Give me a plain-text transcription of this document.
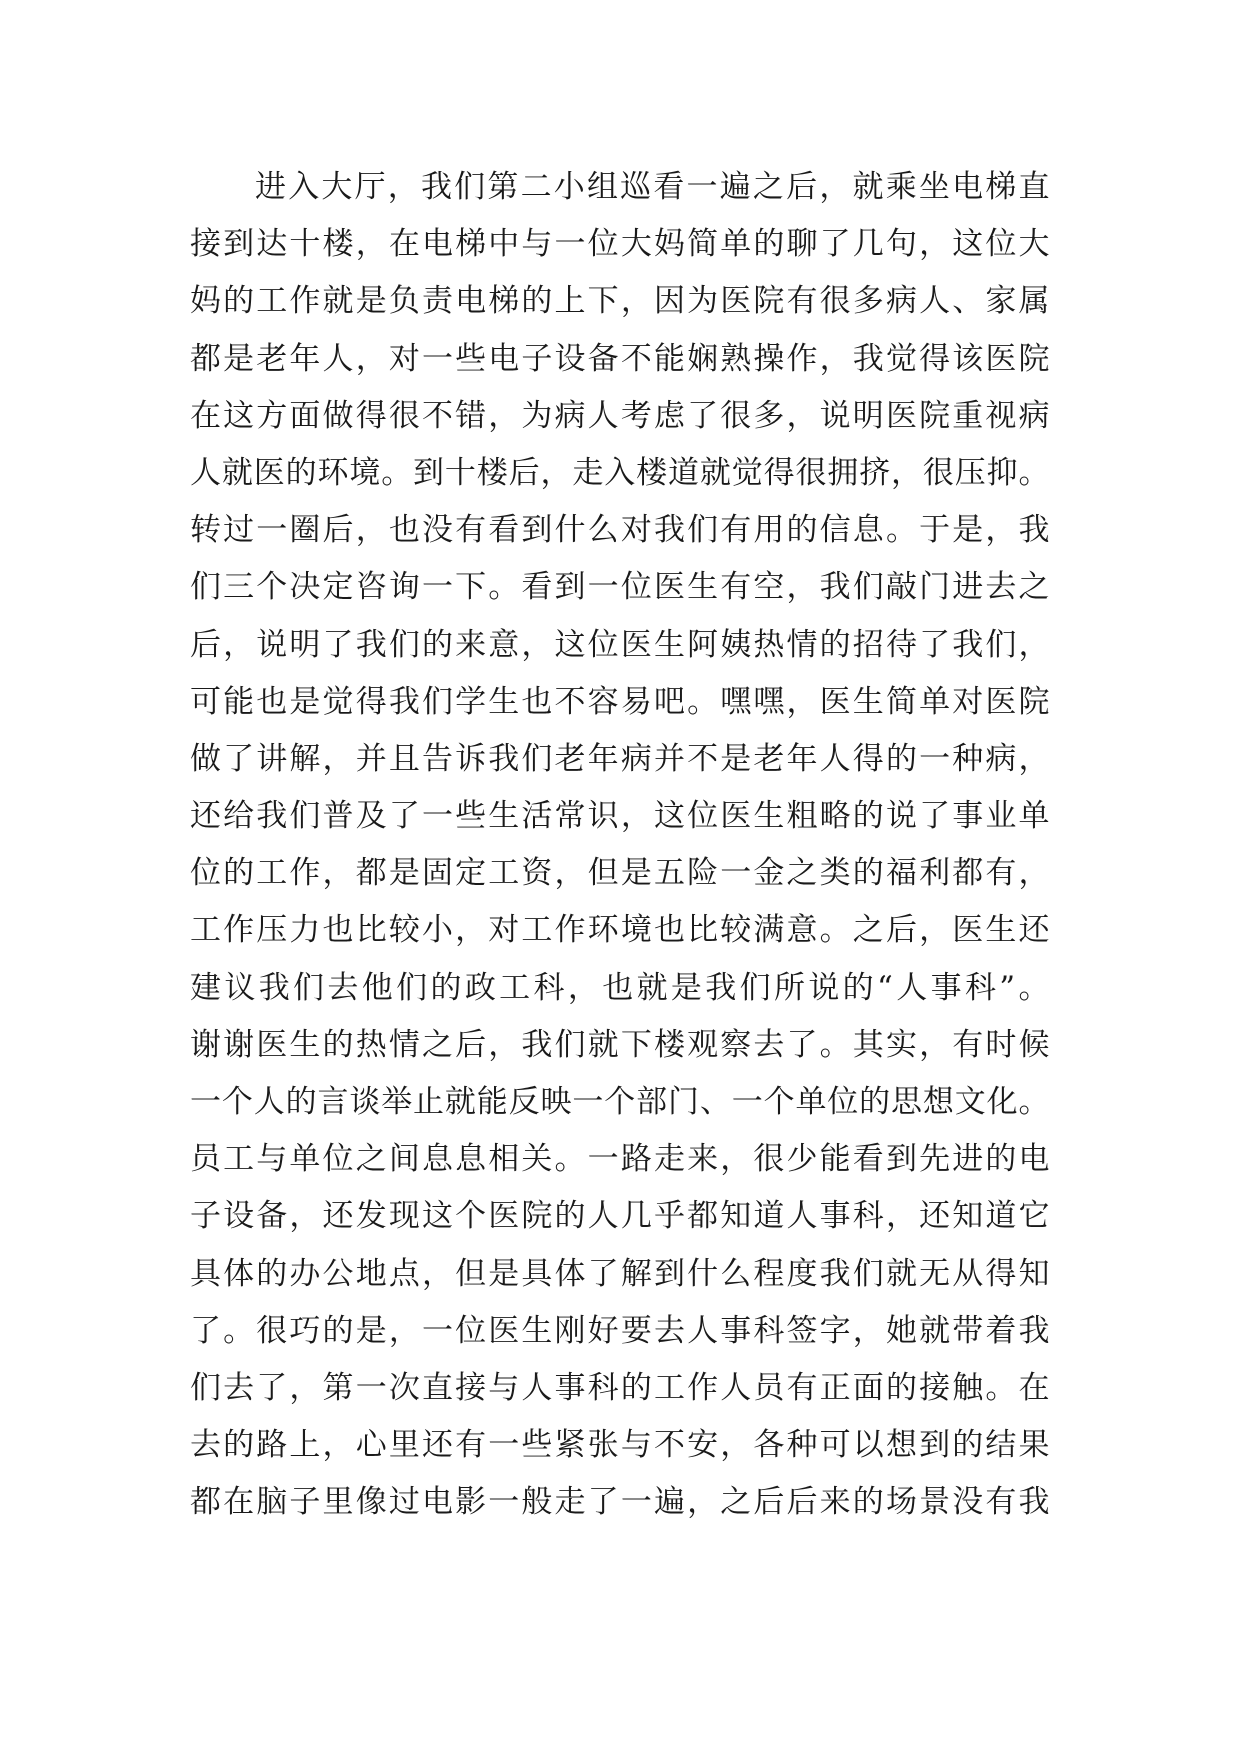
进入大厅，我们第二小组巡看一遍之后，就乘坐电梯直
接到达十楼，在电梯中与一位大妈简单的聊了几句，这位大
妈的工作就是负责电梯的上下，因为医院有很多病人、家属
都是老年人，对一些电子设备不能娴熟操作，我觉得该医院
在这方面做得很不错，为病人考虑了很多，说明医院重视病
人就医的环境。到十楼后，走入楼道就觉得很拥挤，很压抑。
转过一圈后，也没有看到什么对我们有用的信息。于是，我
们三个决定咨询一下。看到一位医生有空，我们敲门进去之
后，说明了我们的来意，这位医生阿姨热情的招待了我们，
可能也是觉得我们学生也不容易吧。嘿嘿，医生简单对医院
做了讲解，并且告诉我们老年病并不是老年人得的一种病，
还给我们普及了一些生活常识，这位医生粗略的说了事业单
位的工作，都是固定工资，但是五险一金之类的福利都有，
工作压力也比较小，对工作环境也比较满意。之后，医生还
建议我们去他们的政工科，也就是我们所说的“人事科”。
谢谢医生的热情之后，我们就下楼观察去了。其实，有时候
一个人的言谈举止就能反映一个部门、一个单位的思想文化。
员工与单位之间息息相关。一路走来，很少能看到先进的电
子设备，还发现这个医院的人几乎都知道人事科，还知道它
具体的办公地点，但是具体了解到什么程度我们就无从得知
了。很巧的是，一位医生刚好要去人事科签字，她就带着我
们去了，第一次直接与人事科的工作人员有正面的接触。在
去的路上，心里还有一些紧张与不安，各种可以想到的结果
都在脑子里像过电影一般走了一遍，之后后来的场景没有我
